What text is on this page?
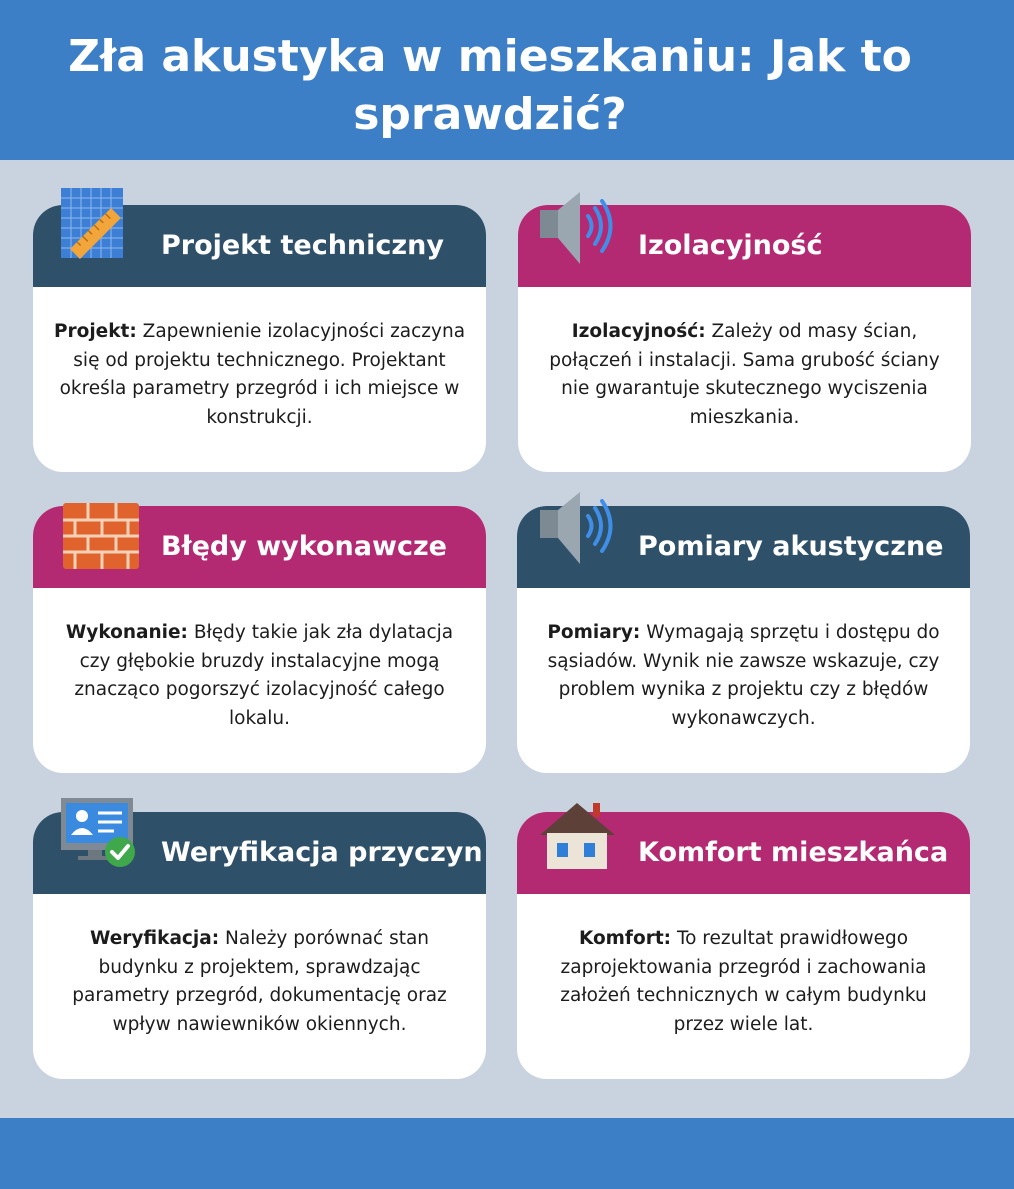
Zła akustyka w mieszkaniu: Jak to sprawdzić?
Projekt techniczny
Projekt: Zapewnienie izolacyjności zaczyna się od projektu technicznego. Projektant określa parametry przegród i ich miejsce w konstrukcji.
Izolacyjność
Izolacyjność: Zależy od masy ścian, połączeń i instalacji. Sama grubość ściany nie gwarantuje skutecznego wyciszenia mieszkania.
Błędy wykonawcze
Wykonanie: Błędy takie jak zła dylatacja czy głębokie bruzdy instalacyjne mogą znacząco pogorszyć izolacyjność całego lokalu.
Pomiary akustyczne
Pomiary: Wymagają sprzętu i dostępu do sąsiadów. Wynik nie zawsze wskazuje, czy problem wynika z projektu czy z błędów wykonawczych.
Weryfikacja przyczyn
Weryfikacja: Należy porównać stan budynku z projektem, sprawdzając parametry przegród, dokumentację oraz wpływ nawiewników okiennych.
Komfort mieszkańca
Komfort: To rezultat prawidłowego zaprojektowania przegród i zachowania założeń technicznych w całym budynku przez wiele lat.
